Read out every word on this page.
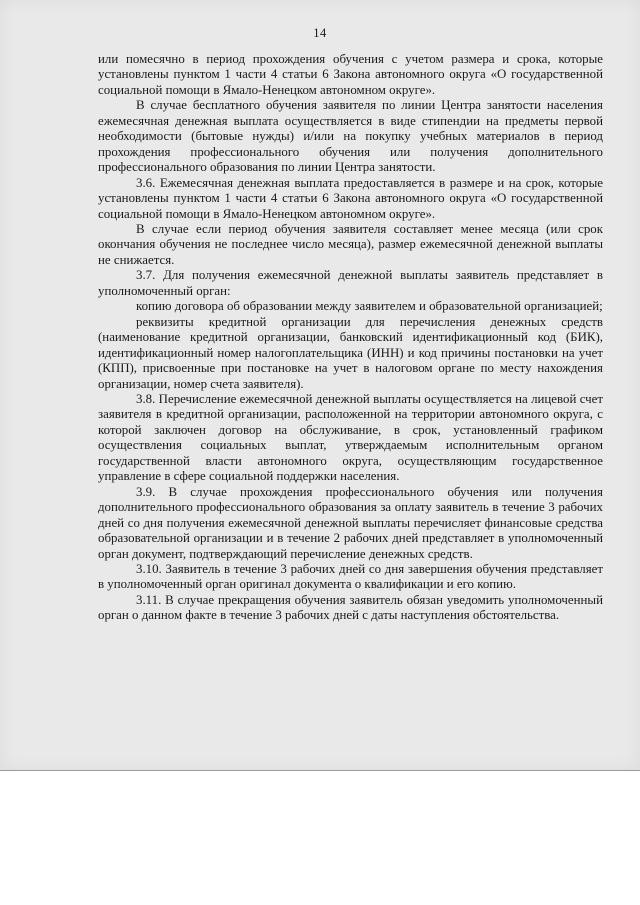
14

или помесячно в период прохождения обучения с учетом размера и срока, которые установлены пунктом 1 части 4 статьи 6 Закона автономного округа «О государственной социальной помощи в Ямало-Ненецком автономном округе».

В случае бесплатного обучения заявителя по линии Центра занятости населения ежемесячная денежная выплата осуществляется в виде стипендии на предметы первой необходимости (бытовые нужды) и/или на покупку учебных материалов в период прохождения профессионального обучения или получения дополнительного профессионального образования по линии Центра занятости.

3.6. Ежемесячная денежная выплата предоставляется в размере и на срок, которые установлены пунктом 1 части 4 статьи 6 Закона автономного округа «О государственной социальной помощи в Ямало-Ненецком автономном округе».

В случае если период обучения заявителя составляет менее месяца (или срок окончания обучения не последнее число месяца), размер ежемесячной денежной выплаты не снижается.

3.7. Для получения ежемесячной денежной выплаты заявитель представляет в уполномоченный орган:

копию договора об образовании между заявителем и образовательной организацией;

реквизиты кредитной организации для перечисления денежных средств (наименование кредитной организации, банковский идентификационный код (БИК), идентификационный номер налогоплательщика (ИНН) и код причины постановки на учет (КПП), присвоенные при постановке на учет в налоговом органе по месту нахождения организации, номер счета заявителя).

3.8. Перечисление ежемесячной денежной выплаты осуществляется на лицевой счет заявителя в кредитной организации, расположенной на территории автономного округа, с которой заключен договор на обслуживание, в срок, установленный графиком осуществления социальных выплат, утверждаемым исполнительным органом государственной власти автономного округа, осуществляющим государственное управление в сфере социальной поддержки населения.

3.9. В случае прохождения профессионального обучения или получения дополнительного профессионального образования за оплату заявитель в течение 3 рабочих дней со дня получения ежемесячной денежной выплаты перечисляет финансовые средства образовательной организации и в течение 2 рабочих дней представляет в уполномоченный орган документ, подтверждающий перечисление денежных средств.

3.10. Заявитель в течение 3 рабочих дней со дня завершения обучения представляет в уполномоченный орган оригинал документа о квалификации и его копию.

3.11. В случае прекращения обучения заявитель обязан уведомить уполномоченный орган о данном факте в течение 3 рабочих дней с даты наступления обстоятельства.
